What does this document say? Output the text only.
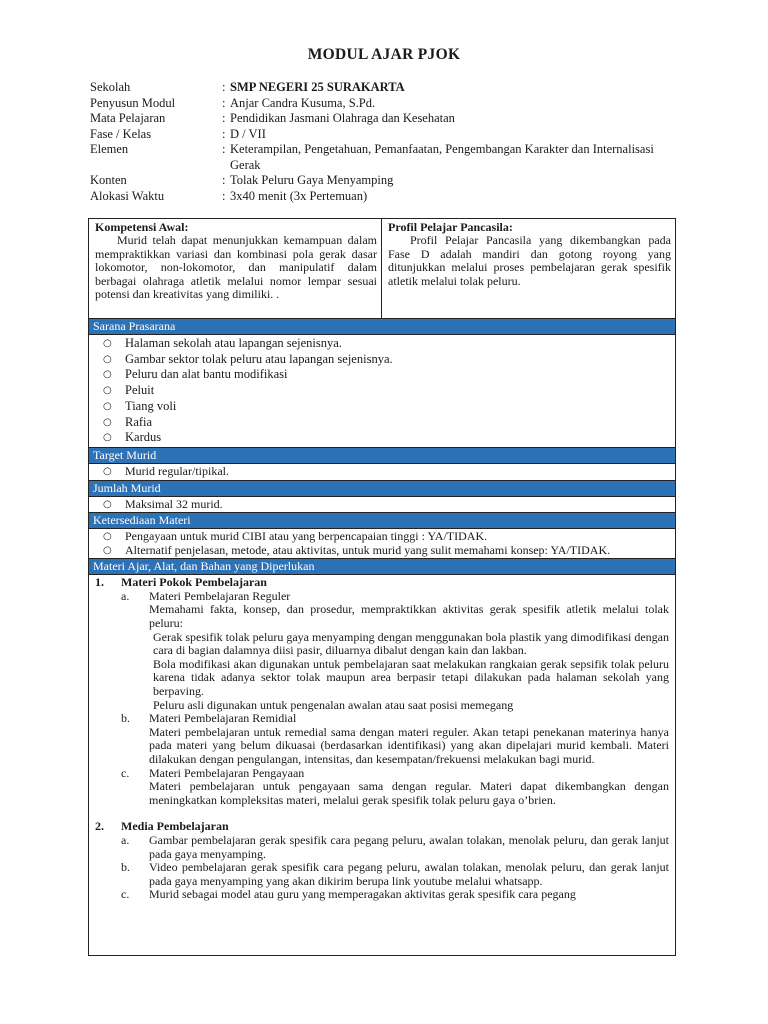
MODUL AJAR PJOK
Sekolah	: SMP NEGERI 25 SURAKARTA
Penyusun Modul	: Anjar Candra Kusuma, S.Pd.
Mata Pelajaran	: Pendidikan Jasmani Olahraga dan Kesehatan
Fase / Kelas	: D / VII
Elemen	: Keterampilan, Pengetahuan, Pemanfaatan, Pengembangan Karakter dan Internalisasi Gerak
Konten	: Tolak Peluru Gaya Menyamping
Alokasi Waktu	: 3x40 menit (3x Pertemuan)
Kompetensi Awal:
Murid telah dapat menunjukkan kemampuan dalam mempraktikkan variasi dan kombinasi pola gerak dasar lokomotor, non-lokomotor, dan manipulatif dalam berbagai olahraga atletik melalui nomor lempar sesuai potensi dan kreativitas yang dimiliki. .
Profil Pelajar Pancasila:
Profil Pelajar Pancasila yang dikembangkan pada Fase D adalah mandiri dan gotong royong yang ditunjukkan melalui proses pembelajaran gerak spesifik atletik melalui tolak peluru.
Sarana Prasarana
○	Halaman sekolah atau lapangan sejenisnya.
○	Gambar sektor tolak peluru atau lapangan sejenisnya.
○	Peluru dan alat bantu modifikasi
○	Peluit
○	Tiang voli
○	Rafia
○	Kardus
Target Murid
○	Murid regular/tipikal.
Jumlah Murid
○	Maksimal 32 murid.
Ketersediaan Materi
○	Pengayaan untuk murid CIBI atau yang berpencapaian tinggi : YA/TIDAK.
○	Alternatif penjelasan, metode, atau aktivitas, untuk murid yang sulit memahami konsep: YA/TIDAK.
Materi Ajar, Alat, dan Bahan yang Diperlukan
1.	Materi Pokok Pembelajaran
a.	Materi Pembelajaran Reguler
Memahami fakta, konsep, dan prosedur, mempraktikkan aktivitas gerak spesifik atletik melalui tolak peluru:
Gerak spesifik tolak peluru gaya menyamping dengan menggunakan bola plastik yang dimodifikasi dengan cara di bagian dalamnya diisi pasir, diluarnya dibalut dengan kain dan lakban.
Bola modifikasi akan digunakan untuk pembelajaran saat melakukan rangkaian gerak sepsifik tolak peluru karena tidak adanya sektor tolak maupun area berpasir tetapi dilakukan pada halaman sekolah yang berpaving.
Peluru asli digunakan untuk pengenalan awalan atau saat posisi memegang
b.	Materi Pembelajaran Remidial
Materi pembelajaran untuk remedial sama dengan materi reguler. Akan tetapi penekanan materinya hanya pada materi yang belum dikuasai (berdasarkan identifikasi) yang akan dipelajari murid kembali. Materi dilakukan dengan pengulangan, intensitas, dan kesempatan/frekuensi melakukan bagi murid.
c.	Materi Pembelajaran Pengayaan
Materi pembelajaran untuk pengayaan sama dengan regular. Materi dapat dikembangkan dengan meningkatkan kompleksitas materi, melalui gerak spesifik tolak peluru gaya o’brien.
2.	Media Pembelajaran
a.	Gambar pembelajaran gerak spesifik cara pegang peluru, awalan tolakan, menolak peluru, dan gerak lanjut pada gaya menyamping.
b.	Video pembelajaran gerak spesifik cara pegang peluru, awalan tolakan, menolak peluru, dan gerak lanjut pada gaya menyamping yang akan dikirim berupa link youtube melalui whatsapp.
c.	Murid sebagai model atau guru yang memperagakan aktivitas gerak spesifik cara pegang
